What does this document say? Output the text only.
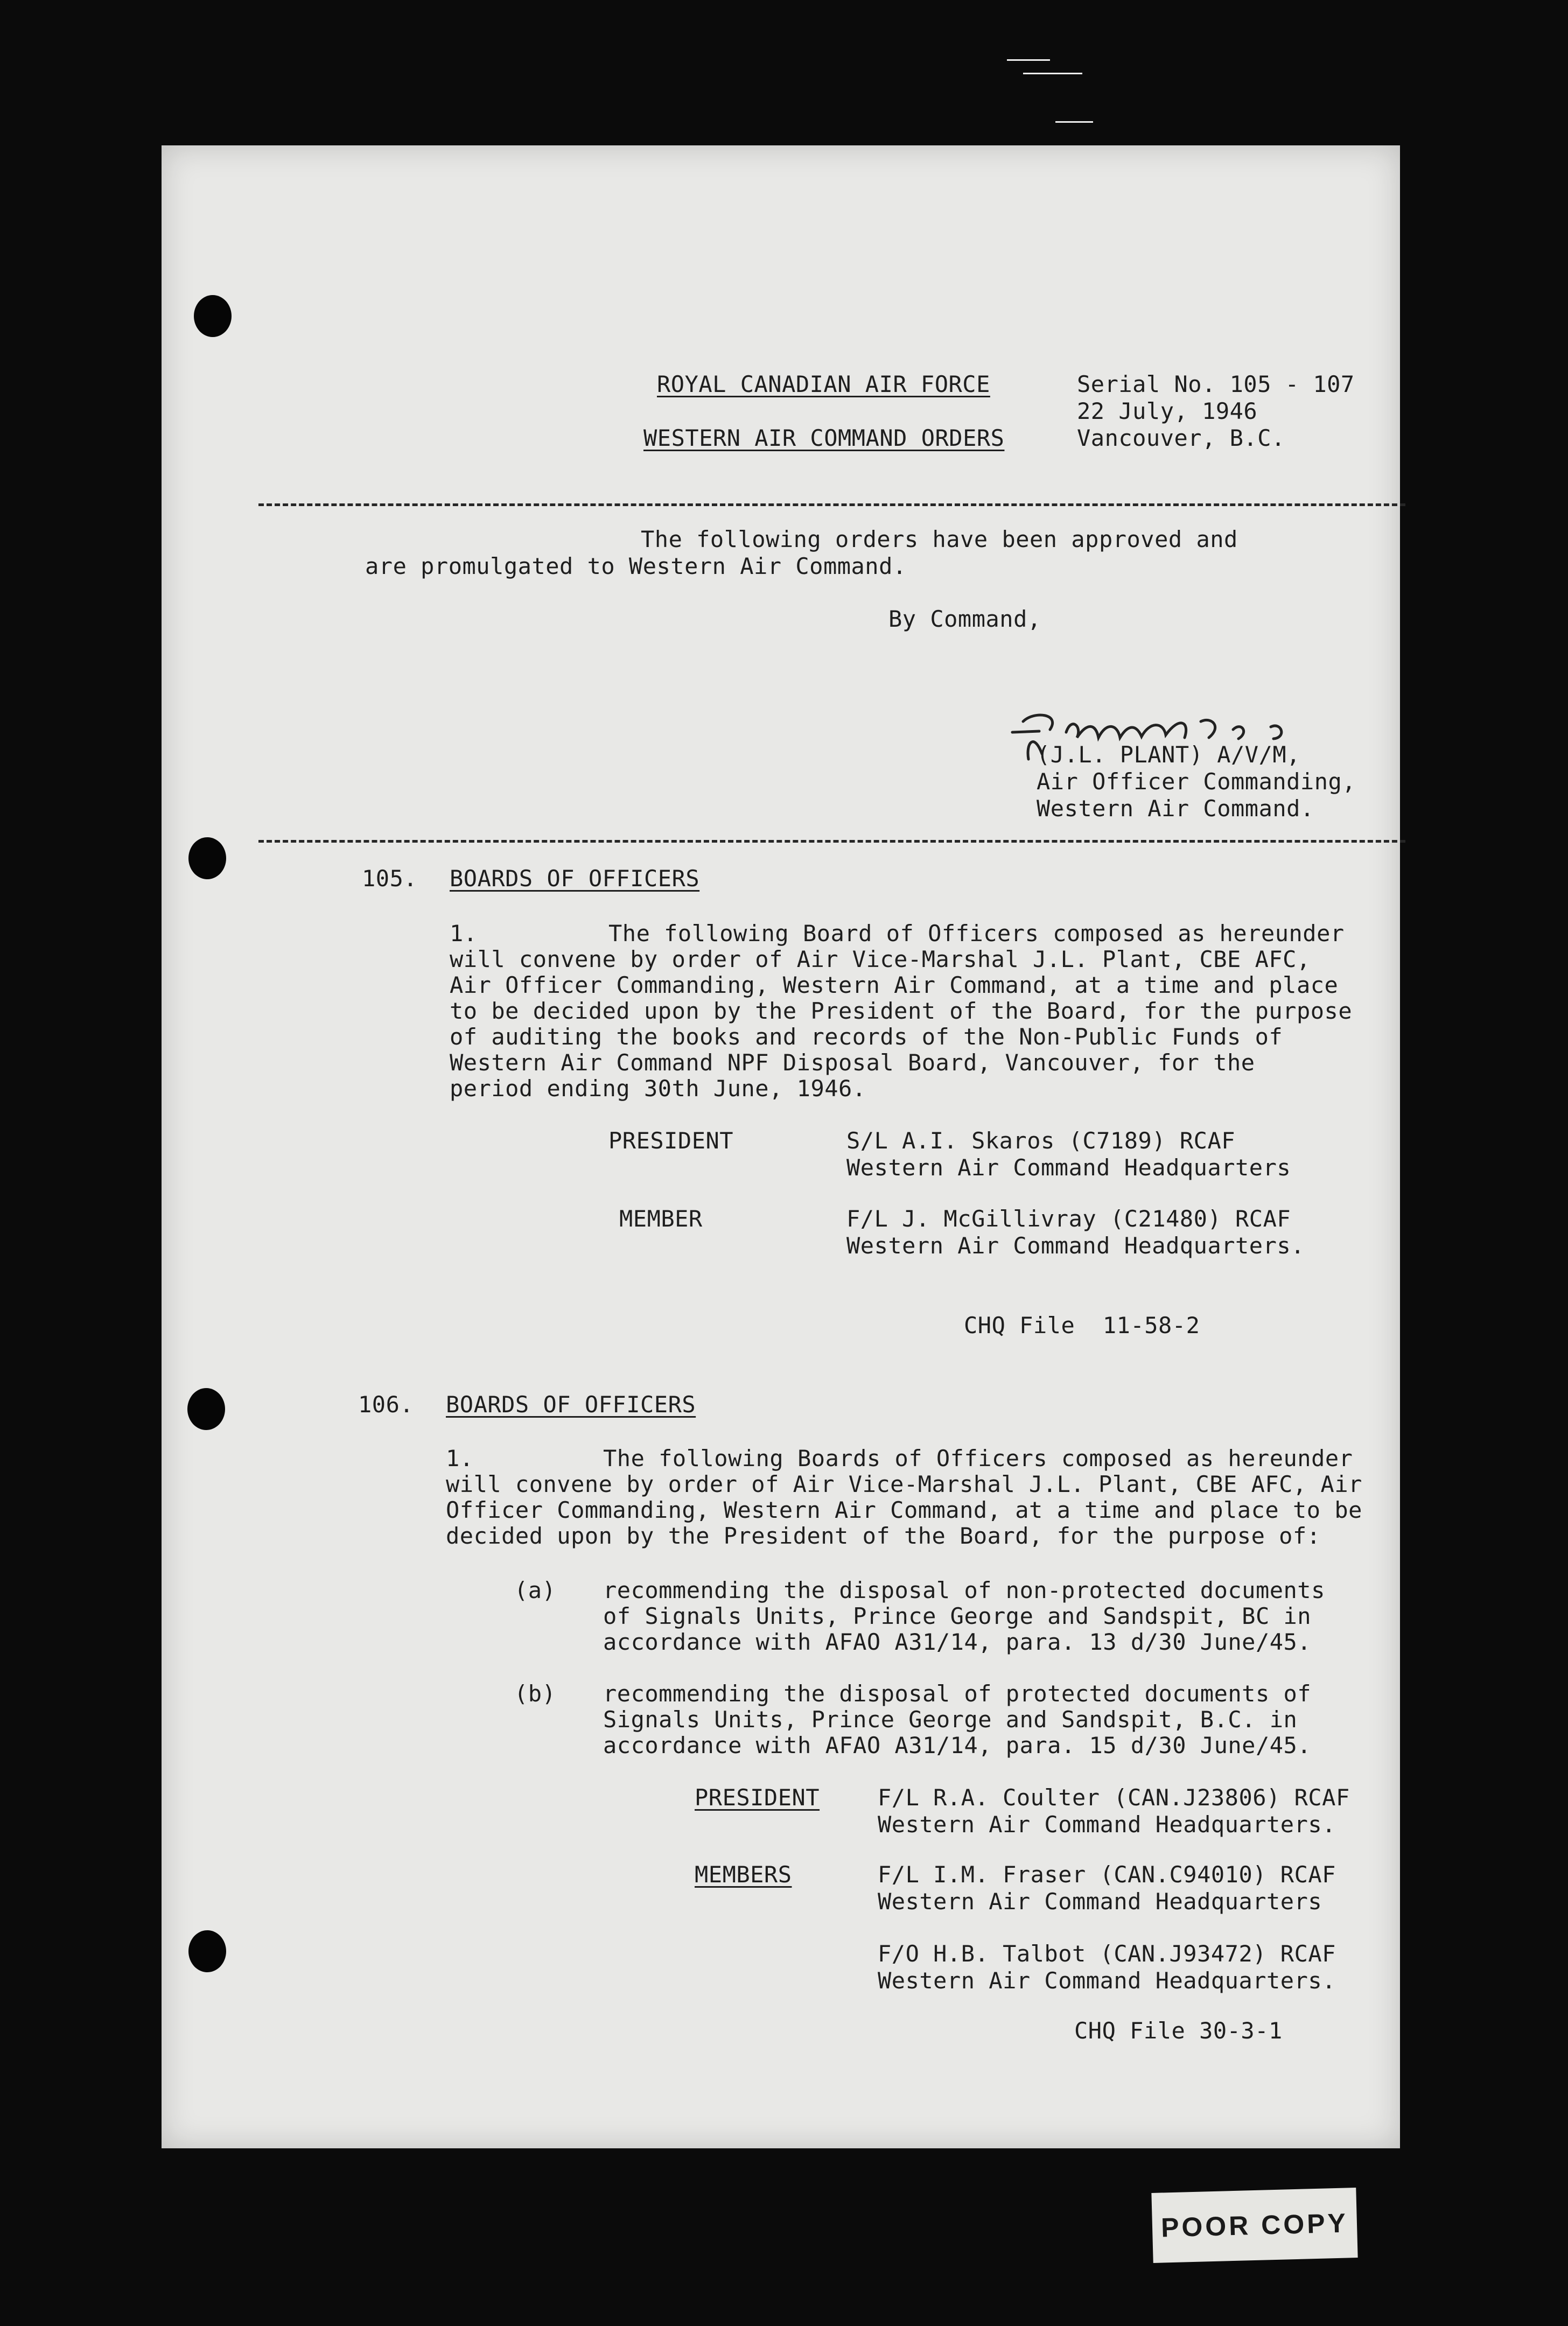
ROYAL CANADIAN AIR FORCE
WESTERN AIR COMMAND ORDERS
Serial No. 105 - 107
22 July, 1946
Vancouver, B.C.
The following orders have been approved and
are promulgated to Western Air Command.
By Command,
(J.L. PLANT) A/V/M,
Air Officer Commanding,
Western Air Command.
105. BOARDS OF OFFICERS
1.	The following Board of Officers composed as hereunder
will convene by order of Air Vice-Marshal J.L. Plant, CBE AFC,
Air Officer Commanding, Western Air Command, at a time and place
to be decided upon by the President of the Board, for the purpose
of auditing the books and records of the Non-Public Funds of
Western Air Command NPF Disposal Board, Vancouver, for the
period ending 30th June, 1946.
PRESIDENT	S/L A.I. Skaros (C7189) RCAF
Western Air Command Headquarters
MEMBER	F/L J. McGillivray (C21480) RCAF
Western Air Command Headquarters.
CHQ File  11-58-2
106. BOARDS OF OFFICERS
1.	The following Boards of Officers composed as hereunder
will convene by order of Air Vice-Marshal J.L. Plant, CBE AFC, Air
Officer Commanding, Western Air Command, at a time and place to be
decided upon by the President of the Board, for the purpose of:
(a) recommending the disposal of non-protected documents
of Signals Units, Prince George and Sandspit, BC in
accordance with AFAO A31/14, para. 13 d/30 June/45.
(b) recommending the disposal of protected documents of
Signals Units, Prince George and Sandspit, B.C. in
accordance with AFAO A31/14, para. 15 d/30 June/45.
PRESIDENT	F/L R.A. Coulter (CAN.J23806) RCAF
Western Air Command Headquarters.
MEMBERS	F/L I.M. Fraser (CAN.C94010) RCAF
Western Air Command Headquarters
F/O H.B. Talbot (CAN.J93472) RCAF
Western Air Command Headquarters.
CHQ File 30-3-1
POOR COPY
